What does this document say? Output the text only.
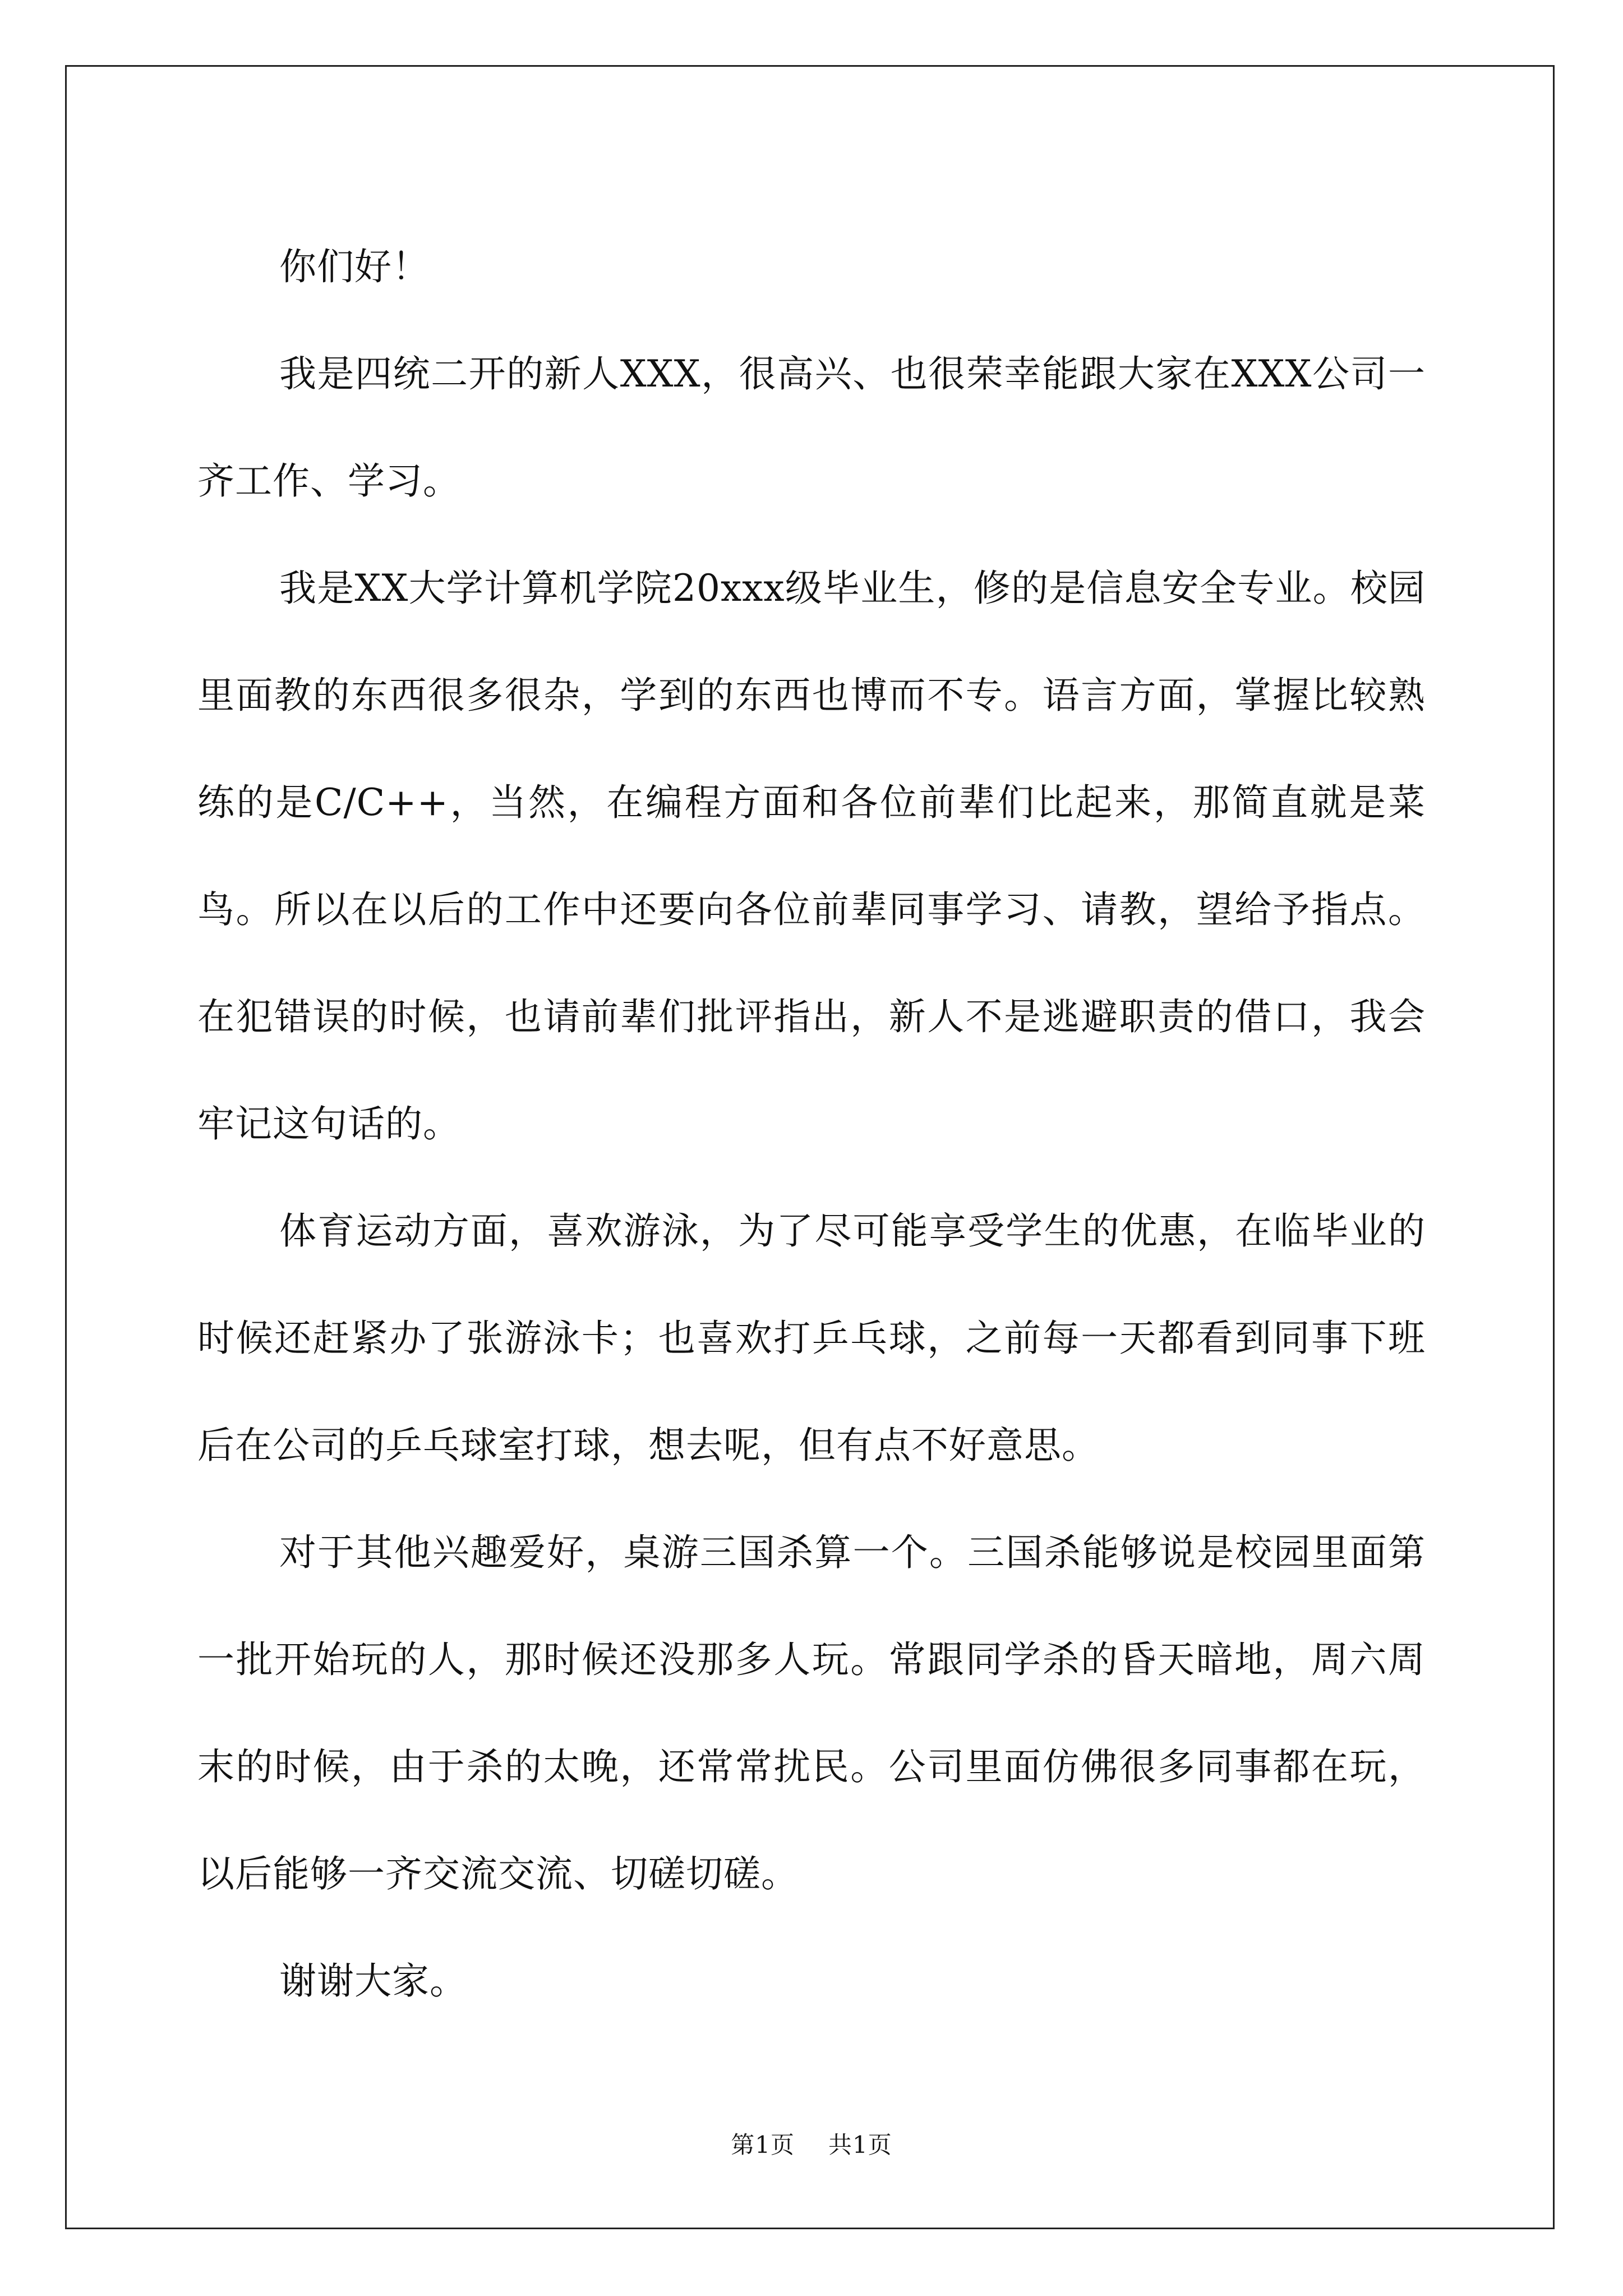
你们好！

我是四统二开的新人XXX，很高兴、也很荣幸能跟大家在XXX公司一齐工作、学习。

我是XX大学计算机学院20xxx级毕业生，修的是信息安全专业。校园里面教的东西很多很杂，学到的东西也博而不专。语言方面，掌握比较熟练的是C/C++，当然，在编程方面和各位前辈们比起来，那简直就是菜鸟。所以在以后的工作中还要向各位前辈同事学习、请教，望给予指点。在犯错误的时候，也请前辈们批评指出，新人不是逃避职责的借口，我会牢记这句话的。

体育运动方面，喜欢游泳，为了尽可能享受学生的优惠，在临毕业的时候还赶紧办了张游泳卡；也喜欢打乒乓球，之前每一天都看到同事下班后在公司的乒乓球室打球，想去呢，但有点不好意思。

对于其他兴趣爱好，桌游三国杀算一个。三国杀能够说是校园里面第一批开始玩的人，那时候还没那多人玩。常跟同学杀的昏天暗地，周六周末的时候，由于杀的太晚，还常常扰民。公司里面仿佛很多同事都在玩，以后能够一齐交流交流、切磋切磋。

谢谢大家。

第1页 共1页
